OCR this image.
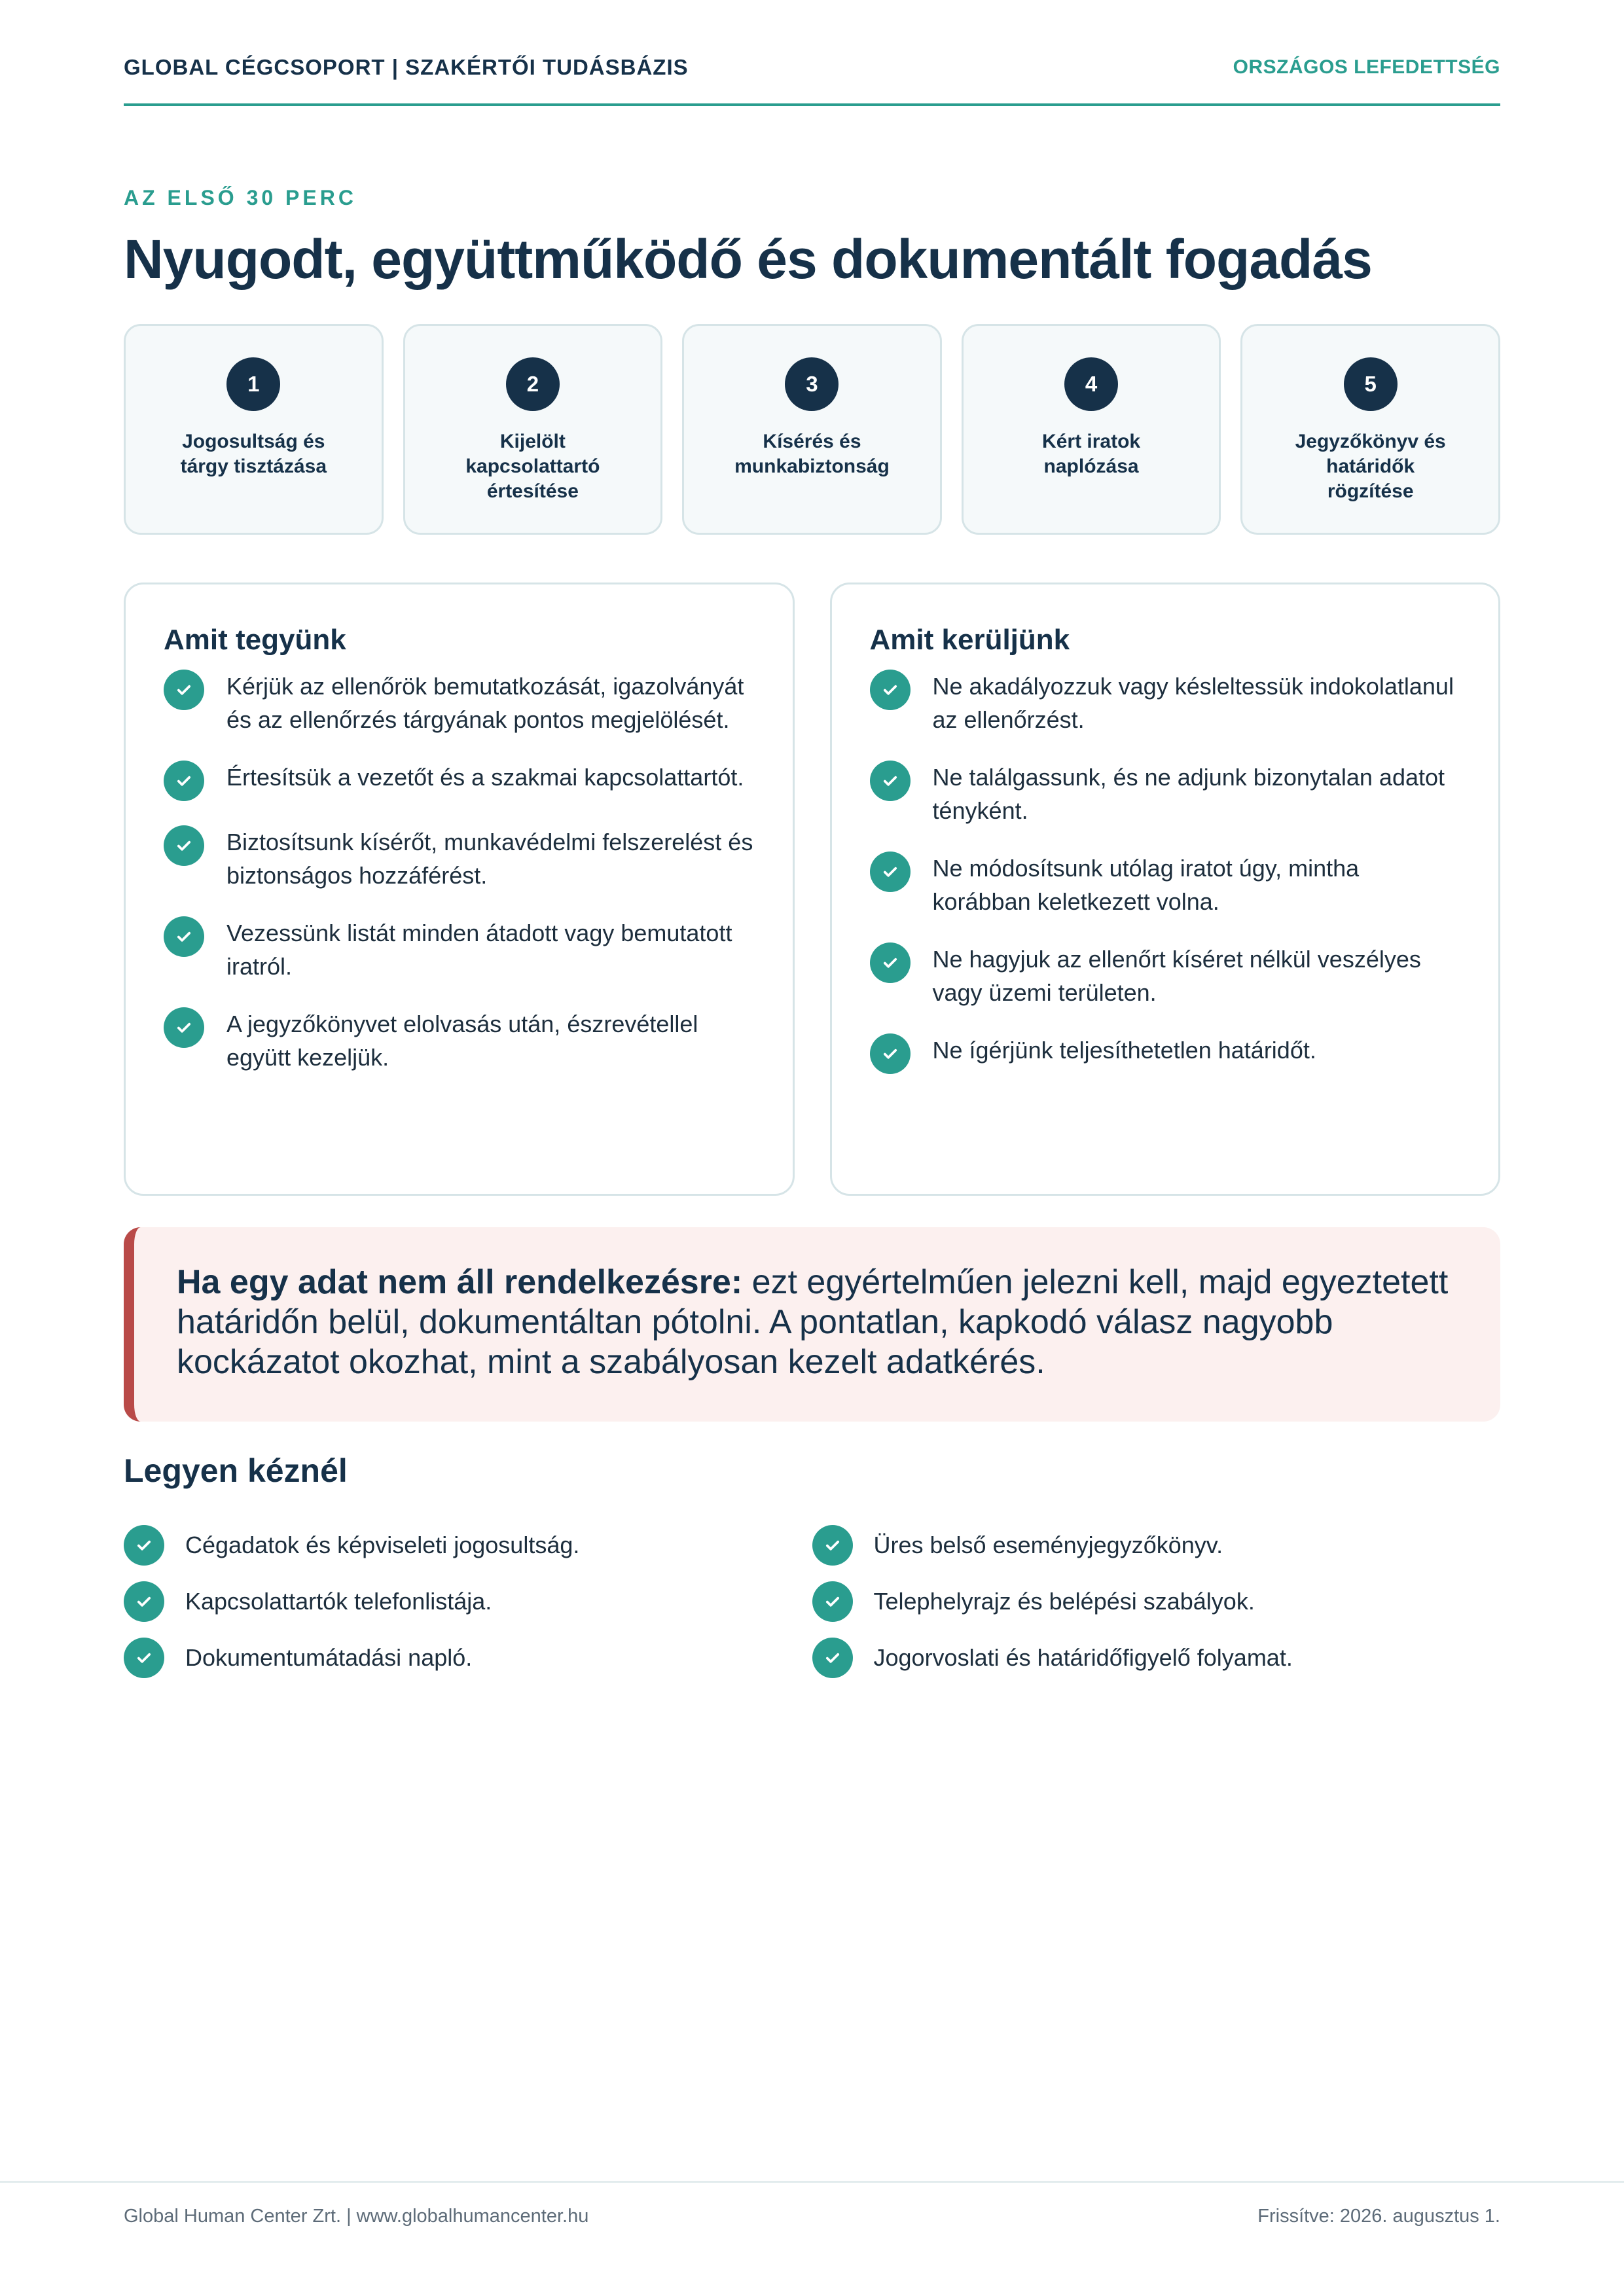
GLOBAL CÉGCSOPORT | SZAKÉRTŐI TUDÁSBÁZIS	ORSZÁGOS LEFEDETTSÉG
AZ ELSŐ 30 PERC
Nyugodt, együttműködő és dokumentált fogadás
1
Jogosultság és tárgy tisztázása
2
Kijelölt kapcsolattartó értesítése
3
Kísérés és munkabiztonság
4
Kért iratok naplózása
5
Jegyzőkönyv és határidők rögzítése
Amit tegyünk
Kérjük az ellenőrök bemutatkozását, igazolványát és az ellenőrzés tárgyának pontos megjelölését.
Értesítsük a vezetőt és a szakmai kapcsolattartót.
Biztosítsunk kísérőt, munkavédelmi felszerelést és biztonságos hozzáférést.
Vezessünk listát minden átadott vagy bemutatott iratról.
A jegyzőkönyvet elolvasás után, észrevétellel együtt kezeljük.
Amit kerüljünk
Ne akadályozzuk vagy késleltessük indokolatlanul az ellenőrzést.
Ne találgassunk, és ne adjunk bizonytalan adatot tényként.
Ne módosítsunk utólag iratot úgy, mintha korábban keletkezett volna.
Ne hagyjuk az ellenőrt kíséret nélkül veszélyes vagy üzemi területen.
Ne ígérjünk teljesíthetetlen határidőt.

Ha egy adat nem áll rendelkezésre: ezt egyértelműen jelezni kell, majd egyeztetett határidőn belül, dokumentáltan pótolni. A pontatlan, kapkodó válasz nagyobb kockázatot okozhat, mint a szabályosan kezelt adatkérés.

Legyen kéznél
Cégadatok és képviseleti jogosultság.
Kapcsolattartók telefonlistája.
Dokumentumátadási napló.
Üres belső eseményjegyzőkönyv.
Telephelyrajz és belépési szabályok.
Jogorvoslati és határidőfigyelő folyamat.
Global Human Center Zrt. | www.globalhumancenter.hu	Frissítve: 2026. augusztus 1.
